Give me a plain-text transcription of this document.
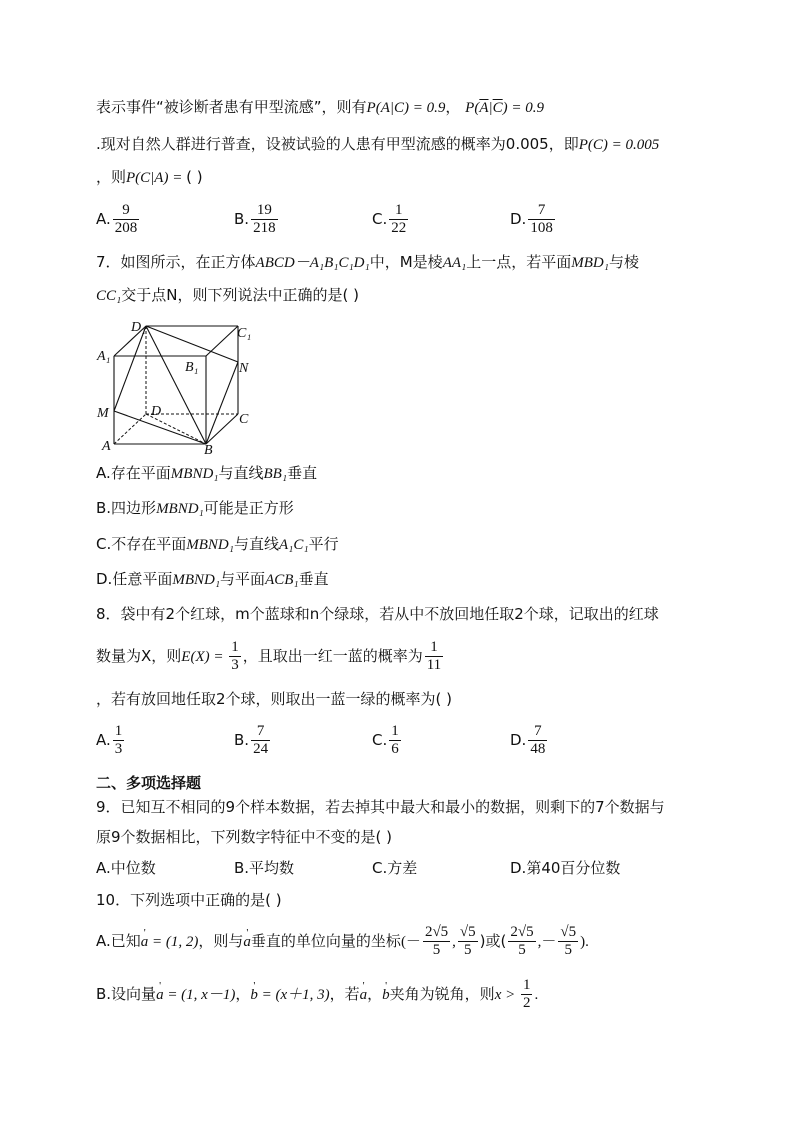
表示事件“被诊断者患有甲型流感”，则有P(A|C) = 0.9， $P(\overline{A}|\overline{C}) = 0.9$
.现对自然人群进行普查，设被试验的人患有甲型流感的概率为0.005，即P(C) = 0.005
，则P(C|A) = ( )
A. $\frac{9}{208}$	B. $\frac{19}{218}$	C. $\frac{1}{22}$	D. $\frac{7}{108}$
7．如图所示，在正方体ABCD－A₁B₁C₁D₁中，M是棱AA₁上一点，若平面MBD₁与棱
CC₁交于点N，则下列说法中正确的是( )
D₁	C₁
A₁
B₁	N
M	D
C
A	B
A.存在平面MBND₁与直线BB₁垂直
B.四边形MBND₁可能是正方形
C.不存在平面MBND₁与直线A₁C₁平行
D.任意平面MBND₁与平面ACB₁垂直
8．袋中有2个红球，m个蓝球和n个绿球，若从中不放回地任取2个球，记取出的红球
数量为X，则$E(X) = \frac{1}{3}$ ，且取出一红一蓝的概率为 $\frac{1}{11}$
，若有放回地任取2个球，则取出一蓝一绿的概率为( )
A. $\frac{1}{3}$	B. $\frac{7}{24}$	C. $\frac{1}{6}$	D. $\frac{7}{48}$
二、多项选择题
9．已知互不相同的9个样本数据，若去掉其中最大和最小的数据，则剩下的7个数据与
原9个数据相比，下列数字特征中不变的是( )
A.中位数	B.平均数	C.方差	D.第40百分位数
10．下列选项中正确的是( )
A.已知' a = (1, 2)，则与' a垂直的单位向量的坐标(－ $\frac{2√5}{5}$ , $\frac{√5}{5}$ )或( $\frac{2√5}{5}$ ,－ $\frac{√5}{5}$ ).
B.设向量' a = (1, x－1)，' b = (x＋1, 3)，若' a，' b夹角为锐角，则$x > \frac{1}{2}$ .
